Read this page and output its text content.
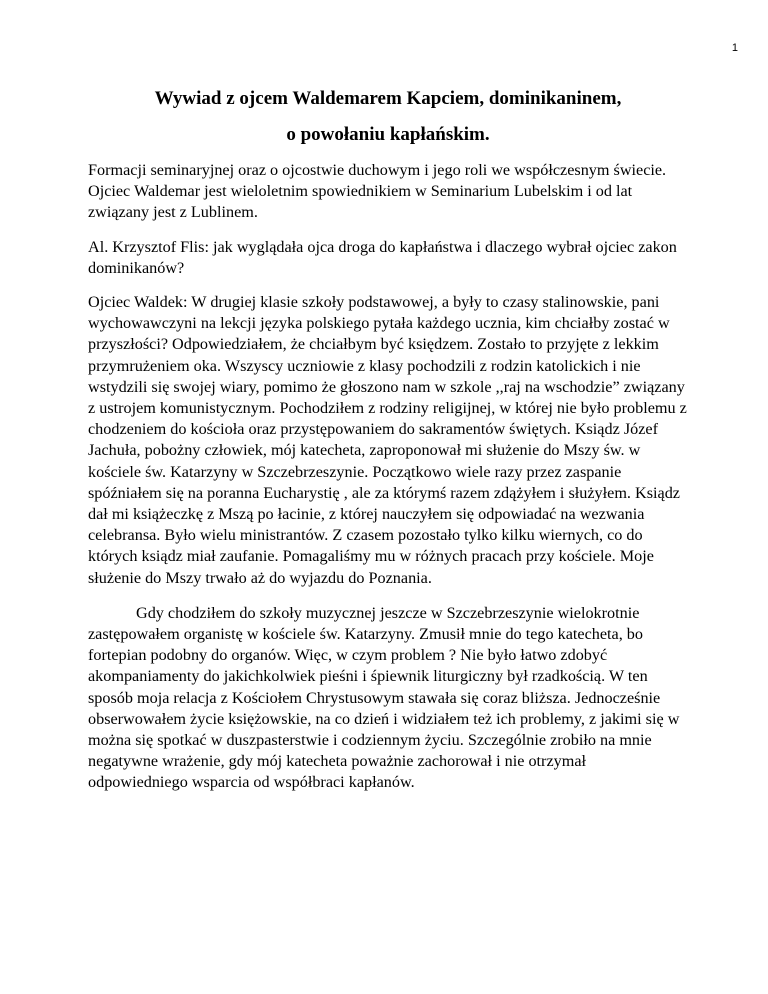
1
Wywiad z ojcem Waldemarem Kapciem, dominikaninem,
o powołaniu kapłańskim.

Formacji seminaryjnej oraz o ojcostwie duchowym i jego roli we współczesnym świecie. Ojciec Waldemar jest wieloletnim spowiednikiem w Seminarium Lubelskim i od lat związany jest z Lublinem.

Al. Krzysztof Flis: jak wyglądała ojca droga do kapłaństwa i dlaczego wybrał ojciec zakon dominikanów?

Ojciec Waldek: W drugiej klasie szkoły podstawowej, a były to czasy stalinowskie, pani wychowawczyni na lekcji języka polskiego pytała każdego ucznia, kim chciałby zostać w przyszłości? Odpowiedziałem, że chciałbym być księdzem. Zostało to przyjęte z lekkim przymrużeniem oka. Wszyscy uczniowie z klasy pochodzili z rodzin katolickich i nie wstydzili się swojej wiary, pomimo że głoszono nam w szkole ,,raj na wschodzie” związany z ustrojem komunistycznym. Pochodziłem z rodziny religijnej, w której nie było problemu z chodzeniem do kościoła oraz przystępowaniem do sakramentów świętych. Ksiądz Józef Jachuła, pobożny człowiek, mój katecheta, zaproponował mi służenie do Mszy św. w kościele św. Katarzyny w Szczebrzeszynie. Początkowo wiele razy przez zaspanie spóźniałem się na poranna Eucharystię , ale za którymś razem zdążyłem i służyłem. Ksiądz dał mi książeczkę z Mszą po łacinie, z której nauczyłem się odpowiadać na wezwania celebransa. Było wielu ministrantów. Z czasem pozostało tylko kilku wiernych, co do których ksiądz miał zaufanie. Pomagaliśmy mu w różnych pracach przy kościele. Moje służenie do Mszy trwało aż do wyjazdu do Poznania.

Gdy chodziłem do szkoły muzycznej jeszcze w Szczebrzeszynie wielokrotnie zastępowałem organistę w kościele św. Katarzyny. Zmusił mnie do tego katecheta, bo fortepian podobny do organów. Więc, w czym problem ? Nie było łatwo zdobyć akompaniamenty do jakichkolwiek pieśni i śpiewnik liturgiczny był rzadkością. W ten sposób moja relacja z Kościołem Chrystusowym stawała się coraz bliższa. Jednocześnie obserwowałem życie księżowskie, na co dzień i widziałem też ich problemy, z jakimi się w można się spotkać w duszpasterstwie i codziennym życiu. Szczególnie zrobiło na mnie negatywne wrażenie, gdy mój katecheta poważnie zachorował i nie otrzymał odpowiedniego wsparcia od współbraci kapłanów.
